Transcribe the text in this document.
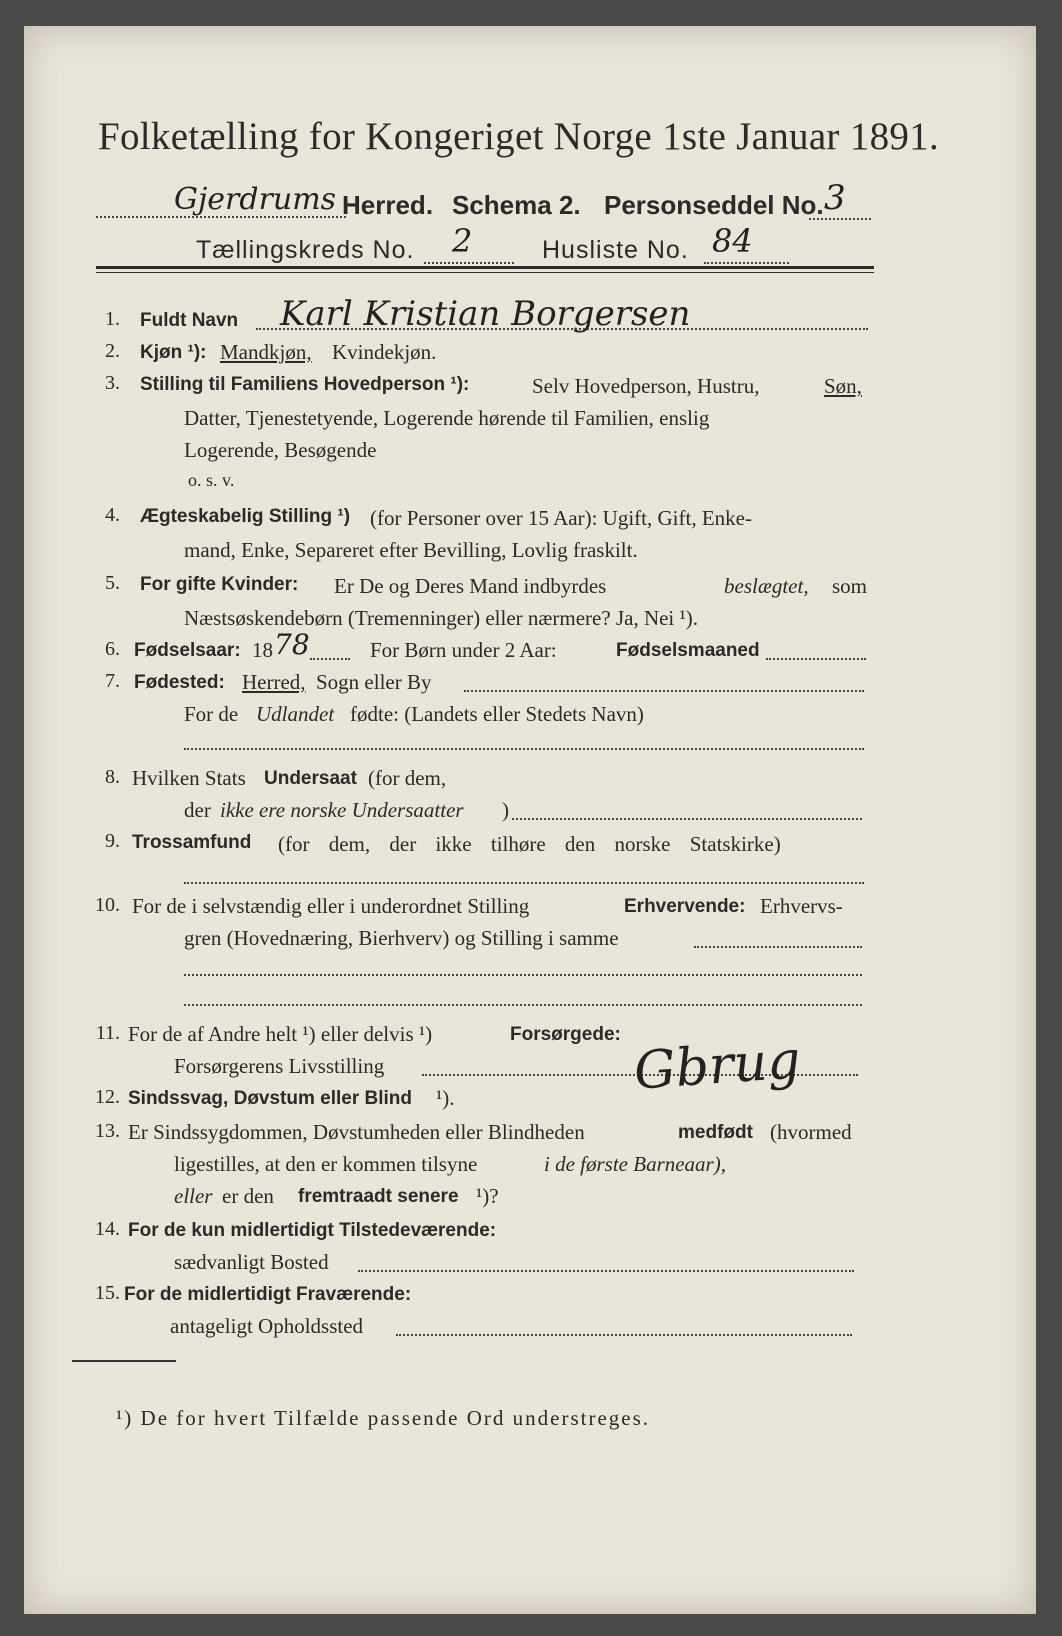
Folketælling for Kongeriget Norge 1ste Januar 1891.
Gjerdrums Herred. Schema 2. Personseddel No. 3
Tællingskreds No. 2	Husliste No. 84
1. Fuldt Navn Karl Kristian Borgersen
2. Kjøn ¹): Mandkjøn, Kvindekjøn.
3. Stilling til Familiens Hovedperson ¹):	Selv Hovedperson, Hustru,	Søn,
Datter, Tjenestetyende, Logerende hørende til Familien, enslig
Logerende, Besøgende
o. s. v.
4. Ægteskabelig Stilling ¹) (for Personer over 15 Aar): Ugift, Gift, Enke-
mand, Enke, Separeret efter Bevilling, Lovlig fraskilt.
5. For gifte Kvinder: Er De og Deres Mand indbyrdes	beslægtet, som
Næstsøskendebørn (Tremenninger) eller nærmere? Ja, Nei ¹).
6. Fødselsaar: 18 78	For Børn under 2 Aar:	Fødselsmaaned
7. Fødested: Herred, Sogn eller By
For de Udlandet fødte: (Landets eller Stedets Navn)
8. Hvilken Stats Undersaat (for dem,
der ikke ere norske Undersaatter )
9. Trossamfund (for dem, der ikke tilhøre den norske Statskirke)
10. For de i selvstændig eller i underordnet Stilling	Erhvervende: Erhvervs-
gren (Hovednæring, Bierhverv) og Stilling i samme
11. For de af Andre helt ¹) eller delvis ¹)	Forsørgede:
Forsørgerens Livsstilling	Gbrug
12. Sindssvag, Døvstum eller Blind ¹).
13. Er Sindssygdommen, Døvstumheden eller Blindheden	medfødt (hvormed
ligestilles, at den er kommen tilsyne	i de første Barneaar),
eller er den fremtraadt senere ¹)?
14. For de kun midlertidigt Tilstedeværende:
sædvanligt Bosted
15. For de midlertidigt Fraværende:
antageligt Opholdssted
¹) De for hvert Tilfælde passende Ord understreges.
